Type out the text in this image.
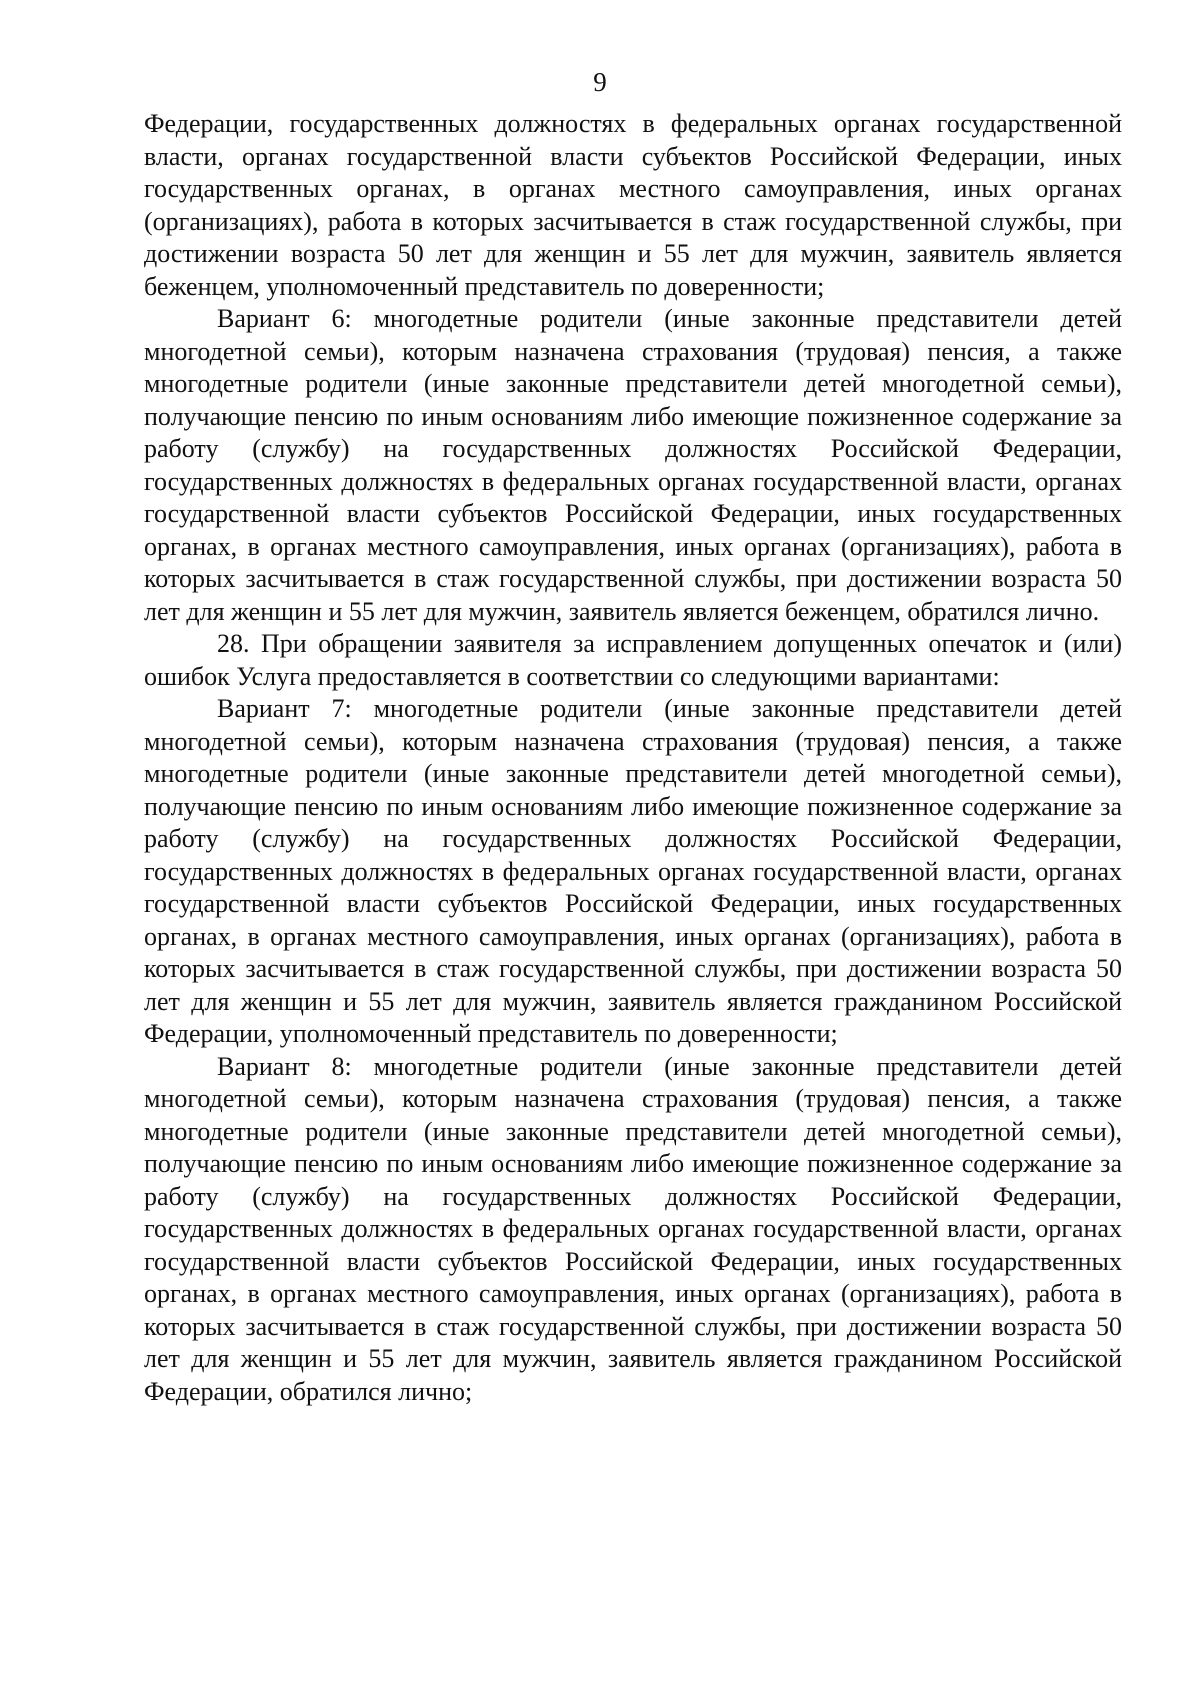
9

Федерации, государственных должностях в федеральных органах государственной власти, органах государственной власти субъектов Российской Федерации, иных государственных органах, в органах местного самоуправления, иных органах (организациях), работа в которых засчитывается в стаж государственной службы, при достижении возраста 50 лет для женщин и 55 лет для мужчин, заявитель является беженцем, уполномоченный представитель по доверенности;

Вариант 6: многодетные родители (иные законные представители детей многодетной семьи), которым назначена страхования (трудовая) пенсия, а также многодетные родители (иные законные представители детей многодетной семьи), получающие пенсию по иным основаниям либо имеющие пожизненное содержание за работу (службу) на государственных должностях Российской Федерации, государственных должностях в федеральных органах государственной власти, органах государственной власти субъектов Российской Федерации, иных государственных органах, в органах местного самоуправления, иных органах (организациях), работа в которых засчитывается в стаж государственной службы, при достижении возраста 50 лет для женщин и 55 лет для мужчин, заявитель является беженцем, обратился лично.

28. При обращении заявителя за исправлением допущенных опечаток и (или) ошибок Услуга предоставляется в соответствии со следующими вариантами:

Вариант 7: многодетные родители (иные законные представители детей многодетной семьи), которым назначена страхования (трудовая) пенсия, а также многодетные родители (иные законные представители детей многодетной семьи), получающие пенсию по иным основаниям либо имеющие пожизненное содержание за работу (службу) на государственных должностях Российской Федерации, государственных должностях в федеральных органах государственной власти, органах государственной власти субъектов Российской Федерации, иных государственных органах, в органах местного самоуправления, иных органах (организациях), работа в которых засчитывается в стаж государственной службы, при достижении возраста 50 лет для женщин и 55 лет для мужчин, заявитель является гражданином Российской Федерации, уполномоченный представитель по доверенности;

Вариант 8: многодетные родители (иные законные представители детей многодетной семьи), которым назначена страхования (трудовая) пенсия, а также многодетные родители (иные законные представители детей многодетной семьи), получающие пенсию по иным основаниям либо имеющие пожизненное содержание за работу (службу) на государственных должностях Российской Федерации, государственных должностях в федеральных органах государственной власти, органах государственной власти субъектов Российской Федерации, иных государственных органах, в органах местного самоуправления, иных органах (организациях), работа в которых засчитывается в стаж государственной службы, при достижении возраста 50 лет для женщин и 55 лет для мужчин, заявитель является гражданином Российской Федерации, обратился лично;
